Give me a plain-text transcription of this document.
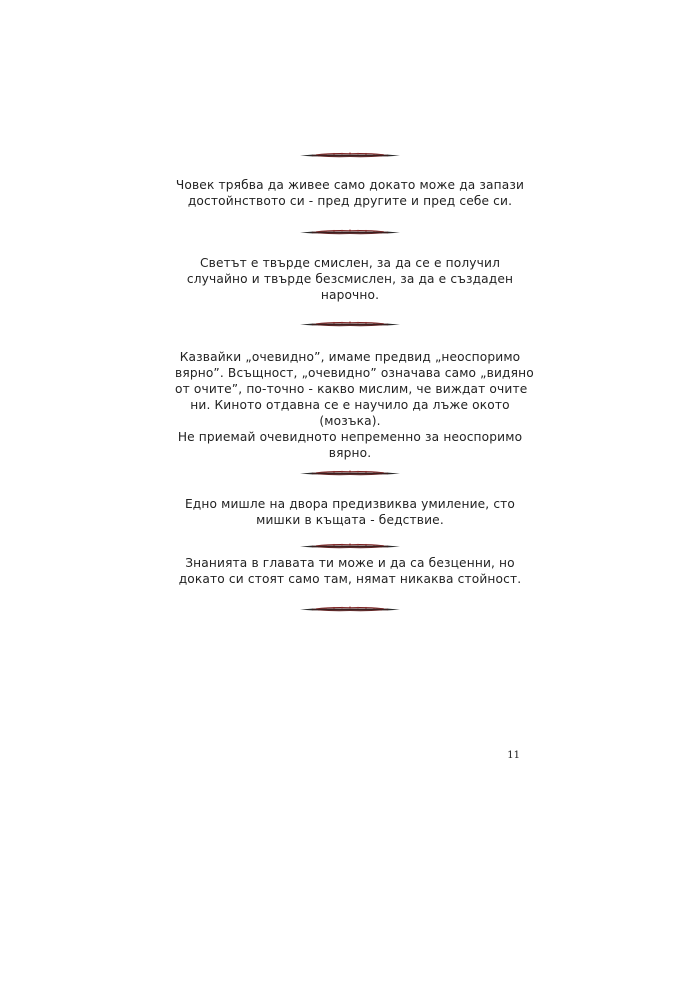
Човек трябва да живее само докато може да запази
достойнството си - пред другите и пред себе си.
Светът е твърде смислен, за да се е получил
случайно и твърде безсмислен, за да е създаден
нарочно.
Казвайки „очевидно”, имаме предвид „неоспоримо
вярно”. Всъщност, „очевидно” означава само „видяно
от очите”, по-точно - какво мислим, че виждат очите
ни. Киното отдавна се е научило да лъже окото
(мозъка).
Не приемай очевидното непременно за неоспоримо
вярно.
Едно мишле на двора предизвиква умиление, сто
мишки в къщата - бедствие.
Знанията в главата ти може и да са безценни, но
докато си стоят само там, нямат никаква стойност.
11
